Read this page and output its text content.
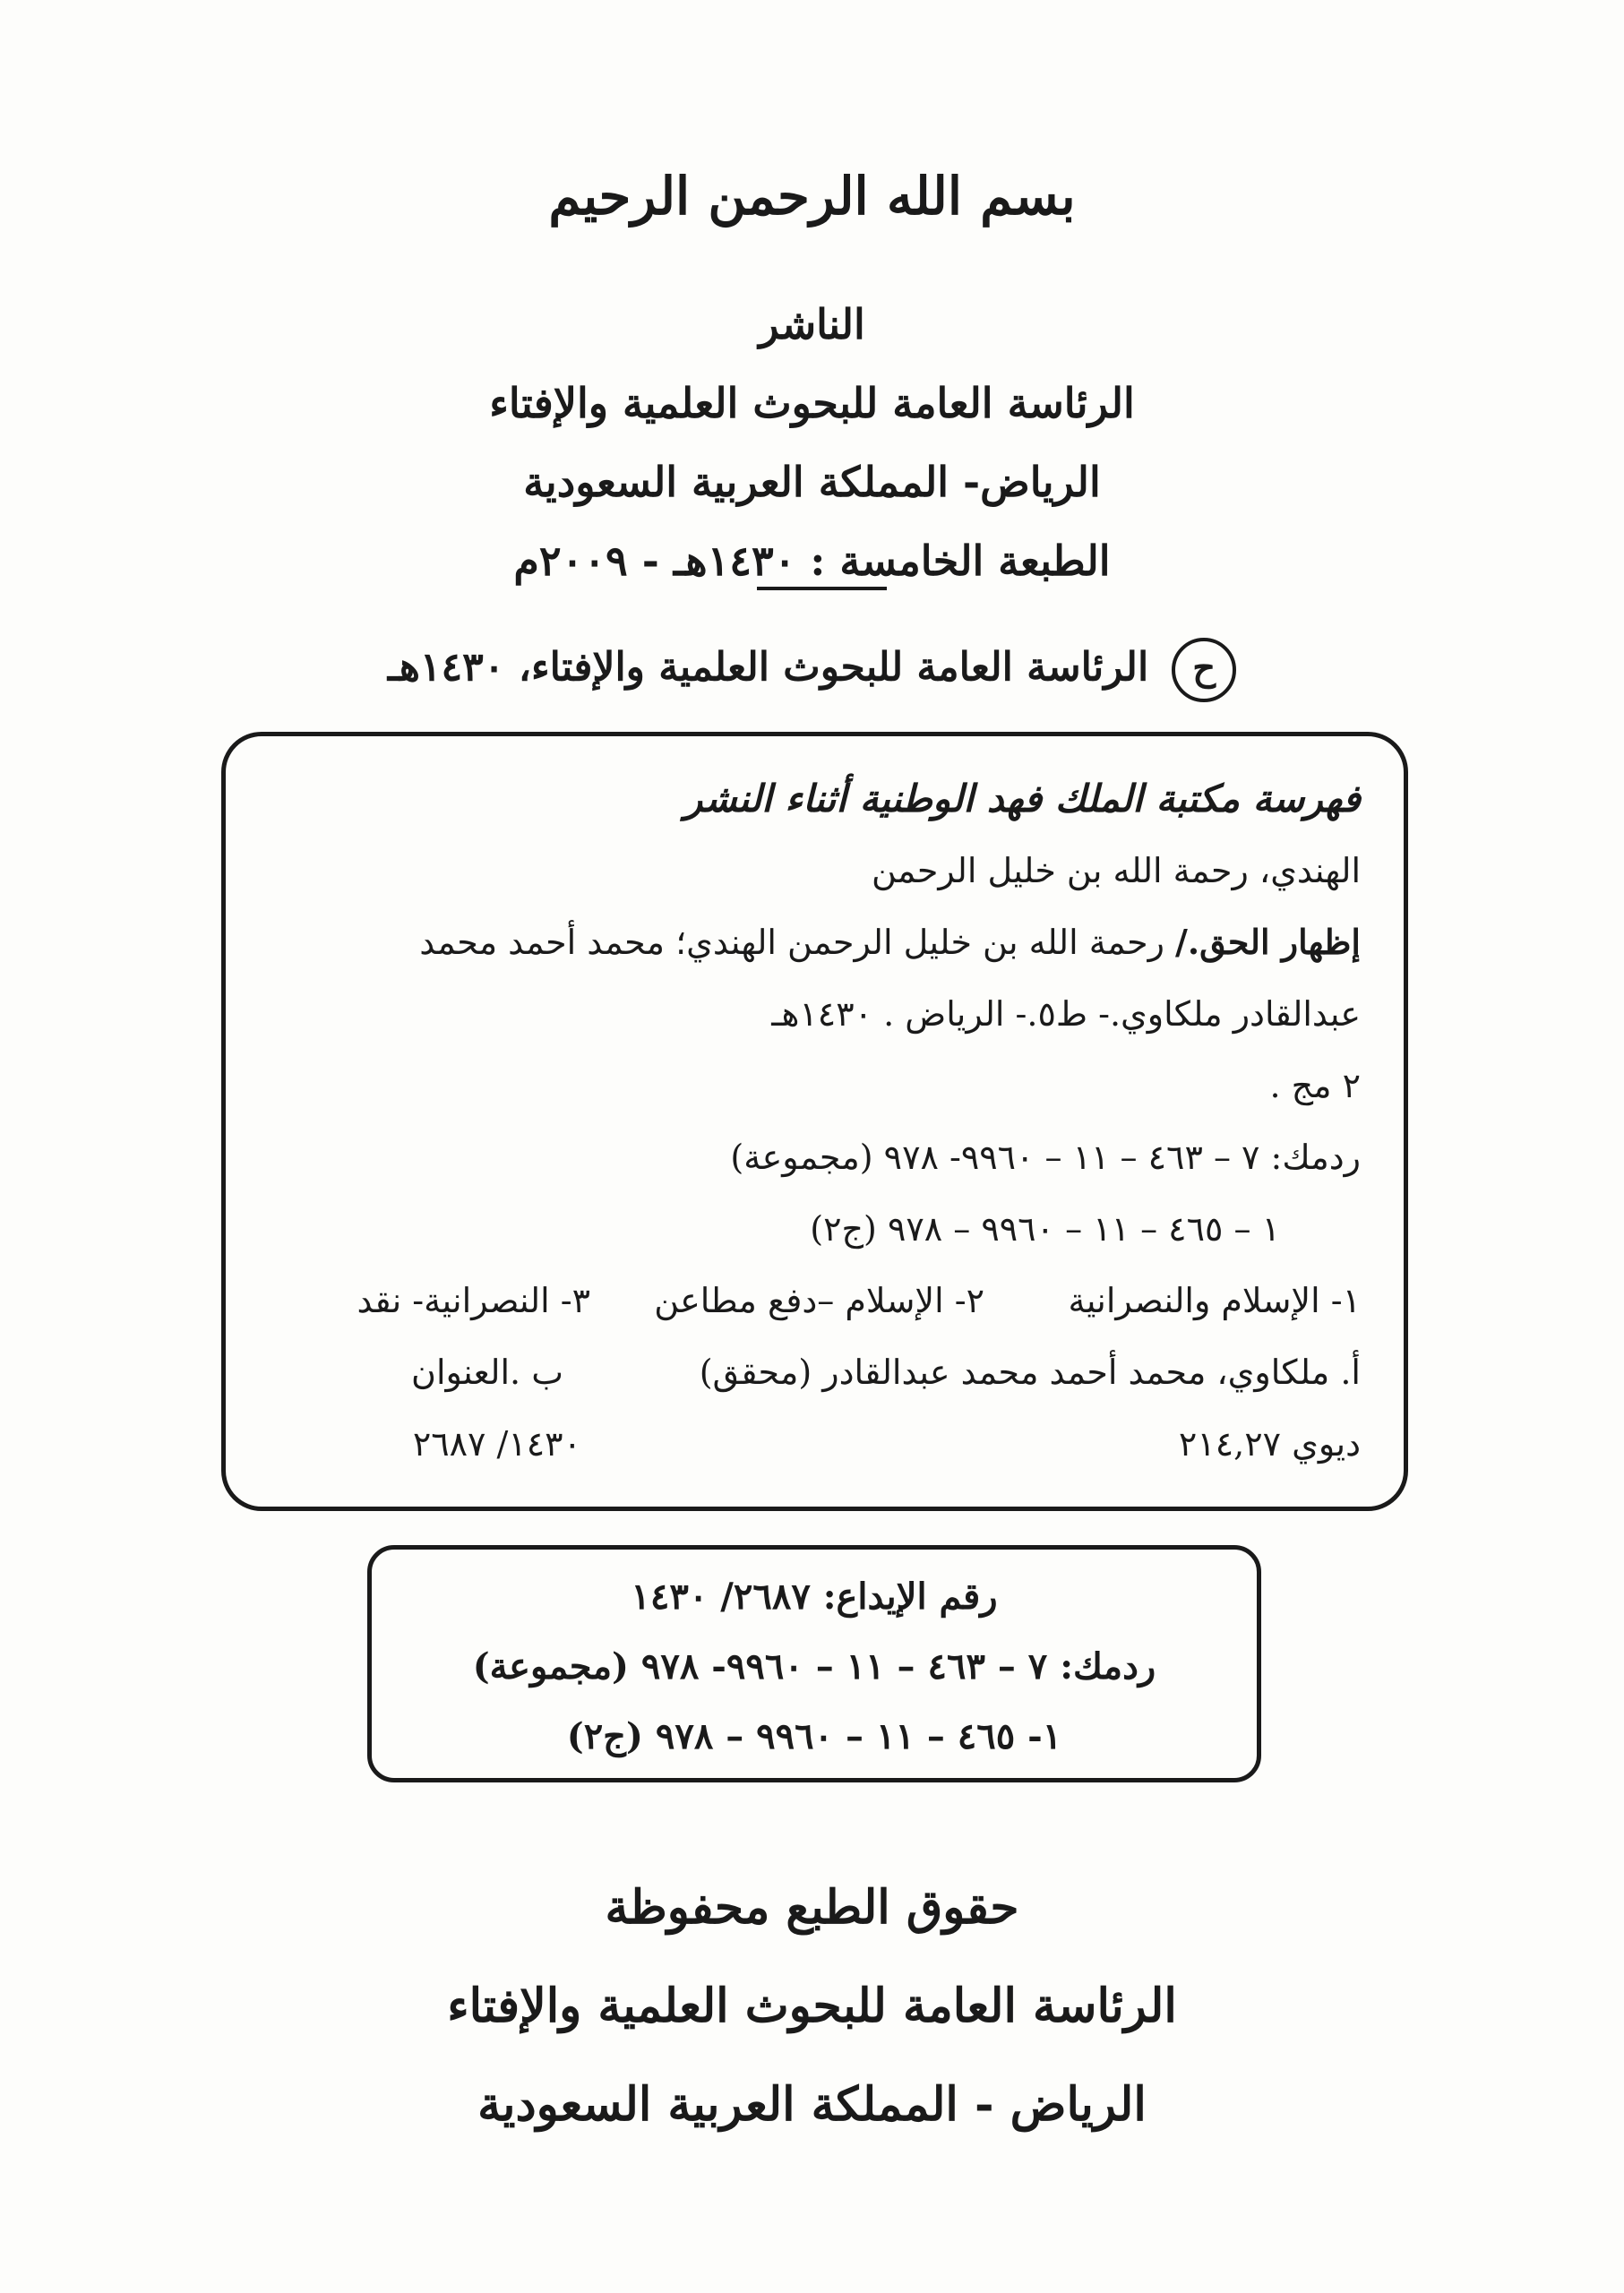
بسم الله الرحمن الرحيم
الناشر
الرئاسة العامة للبحوث العلمية والإفتاء
الرياض- المملكة العربية السعودية
الطبعة الخامسة : ١٤٣٠هـ - ٢٠٠٩م
حالرئاسة العامة للبحوث العلمية والإفتاء، ١٤٣٠هـ
فهرسة مكتبة الملك فهد الوطنية أثناء النشر
الهندي، رحمة الله بن خليل الرحمن
إظهار الحق./ رحمة الله بن خليل الرحمن الهندي؛ محمد أحمد محمد
عبدالقادر ملكاوي.- ط٥.- الرياض . ١٤٣٠هـ
٢ مج .
ردمك: ٧ – ٤٦٣ – ١١ – ٩٩٦٠- ٩٧٨ (مجموعة)
١ – ٤٦٥ – ١١ – ٩٩٦٠ – ٩٧٨ (ج٢)
١- الإسلام والنصرانية
٢- الإسلام –دفع مطاعن
٣- النصرانية- نقد
أ. ملكاوي، محمد أحمد محمد عبدالقادر (محقق)
ب .العنوان
ديوي ٢١٤,٢٧
١٤٣٠/ ٢٦٨٧
رقم الإيداع: ٢٦٨٧/ ١٤٣٠
ردمك: ٧ – ٤٦٣ – ١١ – ٩٩٦٠- ٩٧٨ (مجموعة)
١- ٤٦٥ – ١١ – ٩٩٦٠ – ٩٧٨ (ج٢)
حقوق الطبع محفوظة
الرئاسة العامة للبحوث العلمية والإفتاء
الرياض - المملكة العربية السعودية
